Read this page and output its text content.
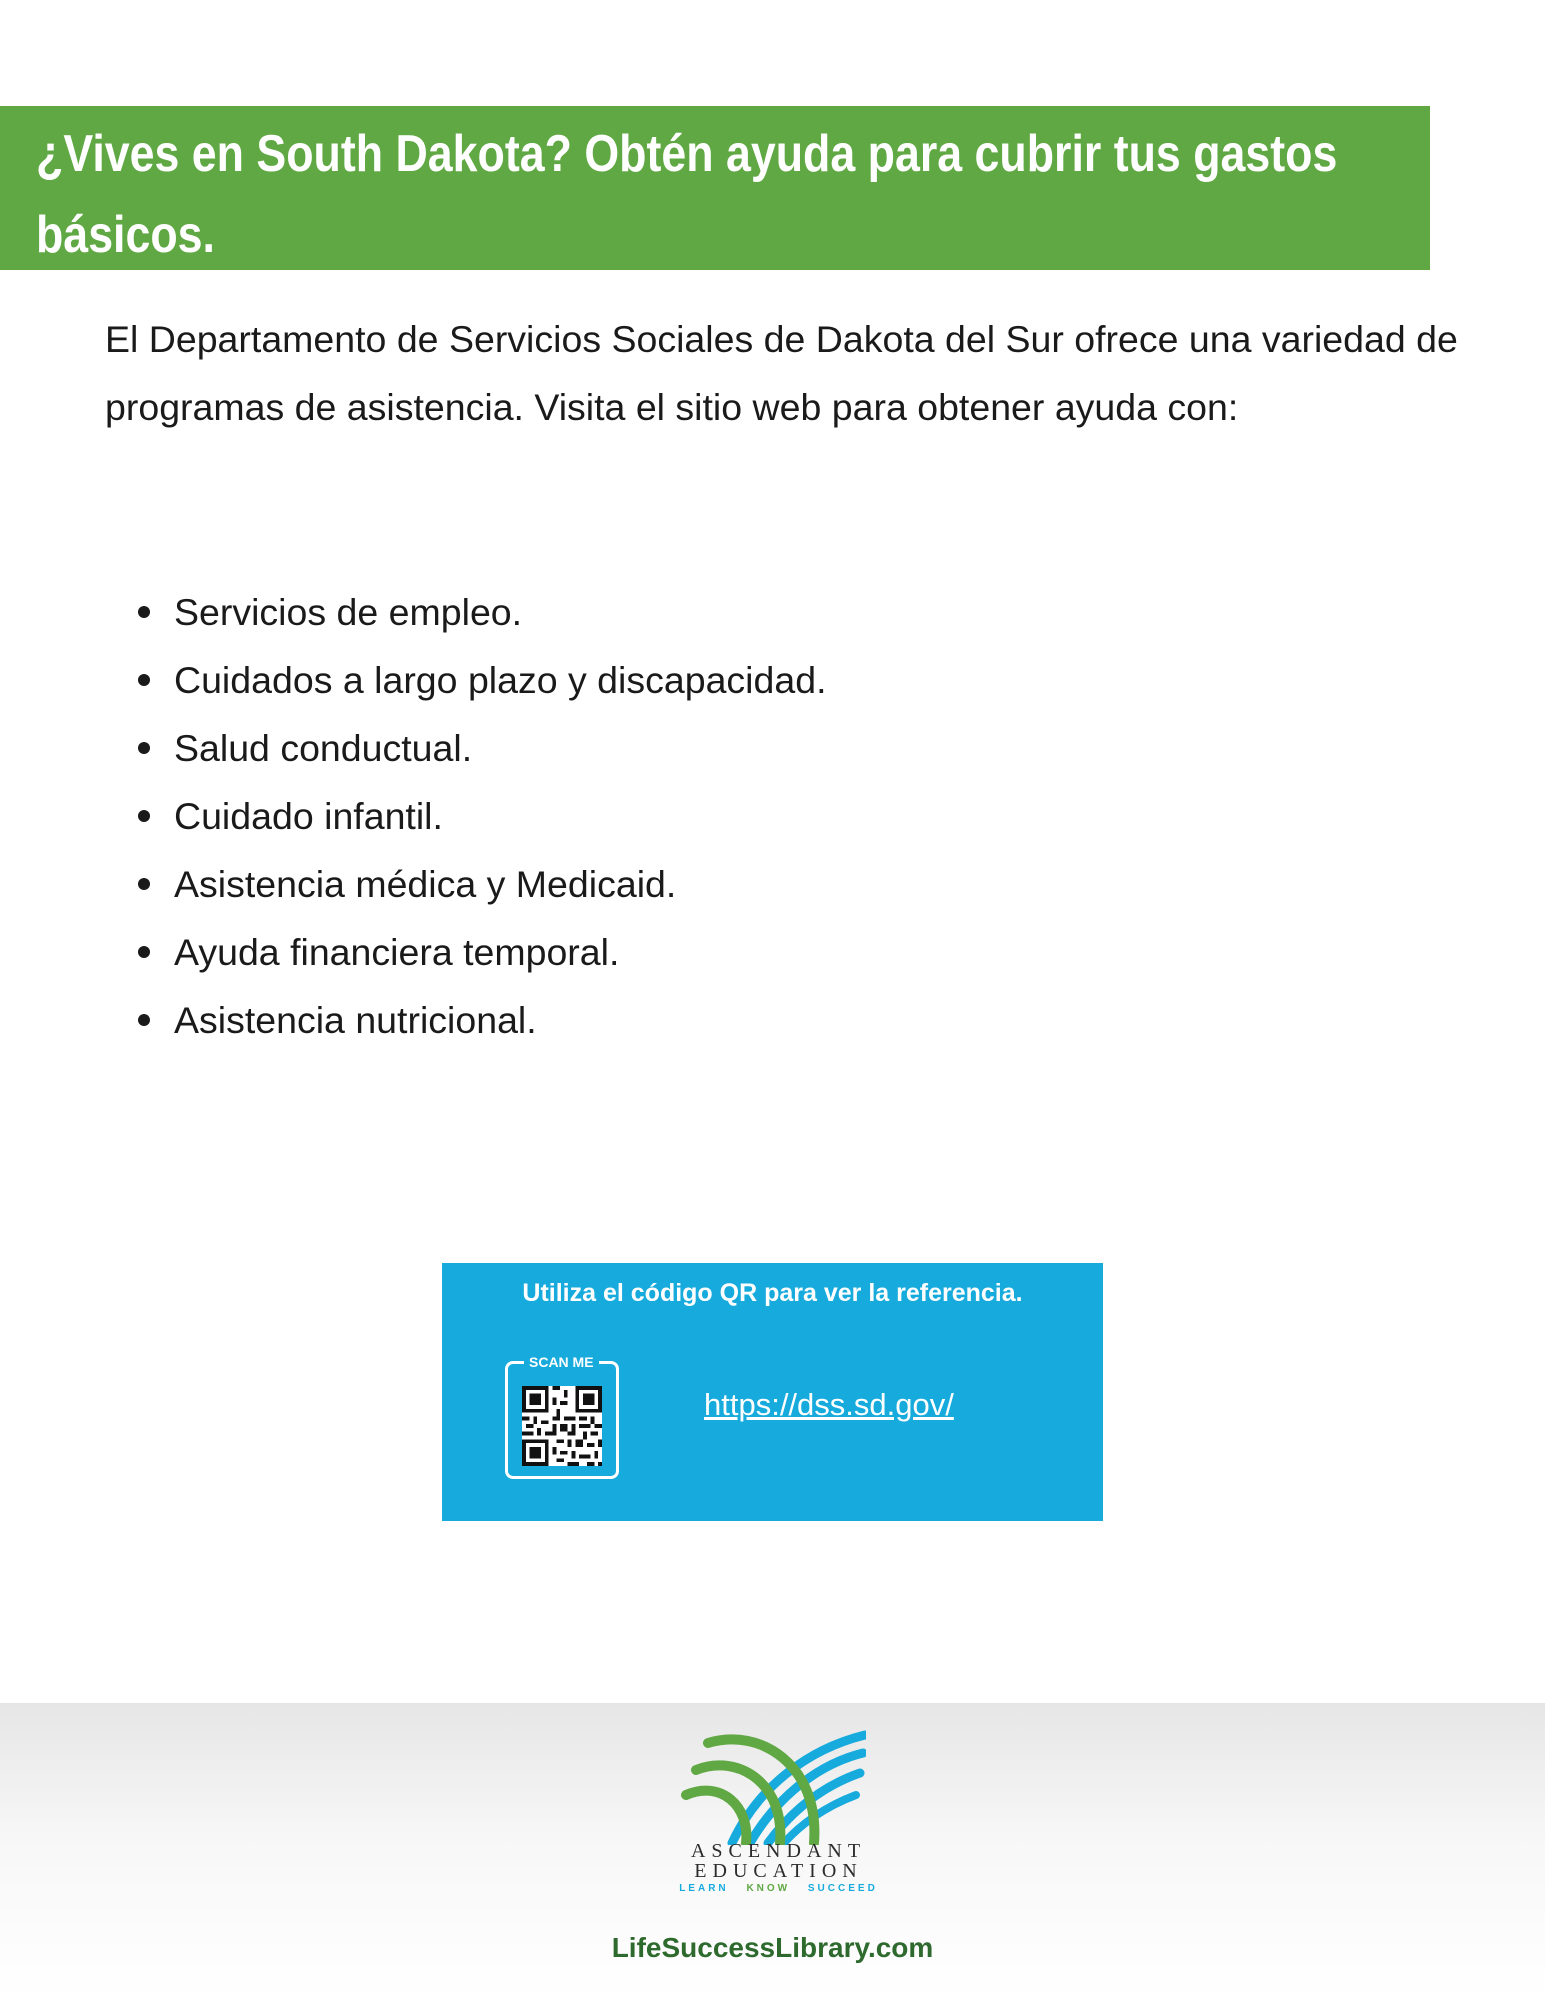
¿Vives en South Dakota? Obtén ayuda para cubrir tus gastos básicos.

El Departamento de Servicios Sociales de Dakota del Sur ofrece una variedad de programas de asistencia. Visita el sitio web para obtener ayuda con:

Servicios de empleo.
Cuidados a largo plazo y discapacidad.
Salud conductual.
Cuidado infantil.
Asistencia médica y Medicaid.
Ayuda financiera temporal.
Asistencia nutricional.
Utiliza el código QR para ver la referencia.
SCAN ME
https://dss.sd.gov/
ASCENDANT
EDUCATION
LEARN KNOW SUCCEED
LifeSuccessLibrary.com
